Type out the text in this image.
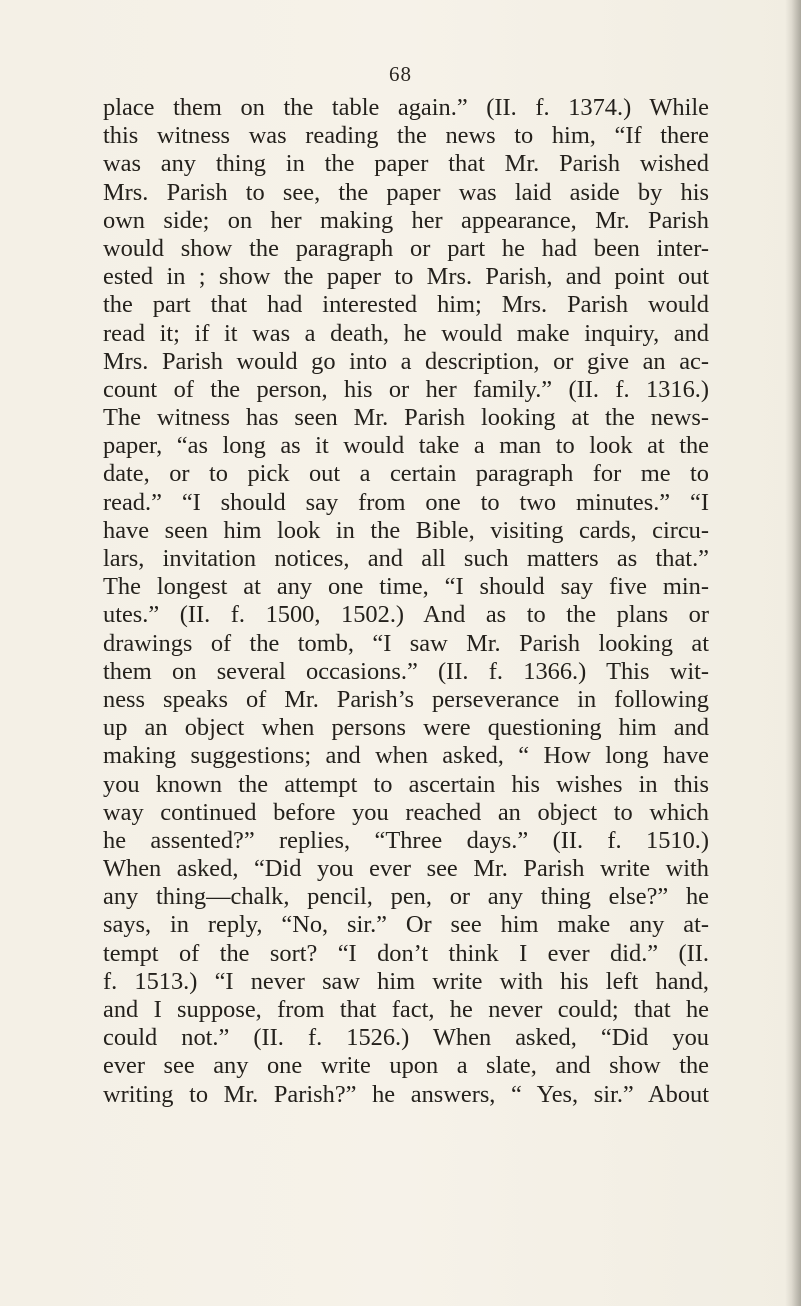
68
place them on the table again.” (II. f. 1374.) While
this witness was reading the news to him, “If there
was any thing in the paper that Mr. Parish wished
Mrs. Parish to see, the paper was laid aside by his
own side; on her making her appearance, Mr. Parish
would show the paragraph or part he had been inter-
ested in ; show the paper to Mrs. Parish, and point out
the part that had interested him; Mrs. Parish would
read it; if it was a death, he would make inquiry, and
Mrs. Parish would go into a description, or give an ac-
count of the person, his or her family.” (II. f. 1316.)
The witness has seen Mr. Parish looking at the news-
paper, “as long as it would take a man to look at the
date, or to pick out a certain paragraph for me to
read.” “I should say from one to two minutes.” “I
have seen him look in the Bible, visiting cards, circu-
lars, invitation notices, and all such matters as that.”
The longest at any one time, “I should say five min-
utes.” (II. f. 1500, 1502.) And as to the plans or
drawings of the tomb, “I saw Mr. Parish looking at
them on several occasions.” (II. f. 1366.) This wit-
ness speaks of Mr. Parish’s perseverance in following
up an object when persons were questioning him and
making suggestions; and when asked, “ How long have
you known the attempt to ascertain his wishes in this
way continued before you reached an object to which
he assented?” replies, “Three days.” (II. f. 1510.)
When asked, “Did you ever see Mr. Parish write with
any thing—chalk, pencil, pen, or any thing else?” he
says, in reply, “No, sir.” Or see him make any at-
tempt of the sort? “I don’t think I ever did.” (II.
f. 1513.) “I never saw him write with his left hand,
and I suppose, from that fact, he never could; that he
could not.” (II. f. 1526.) When asked, “Did you
ever see any one write upon a slate, and show the
writing to Mr. Parish?” he answers, “ Yes, sir.” About
